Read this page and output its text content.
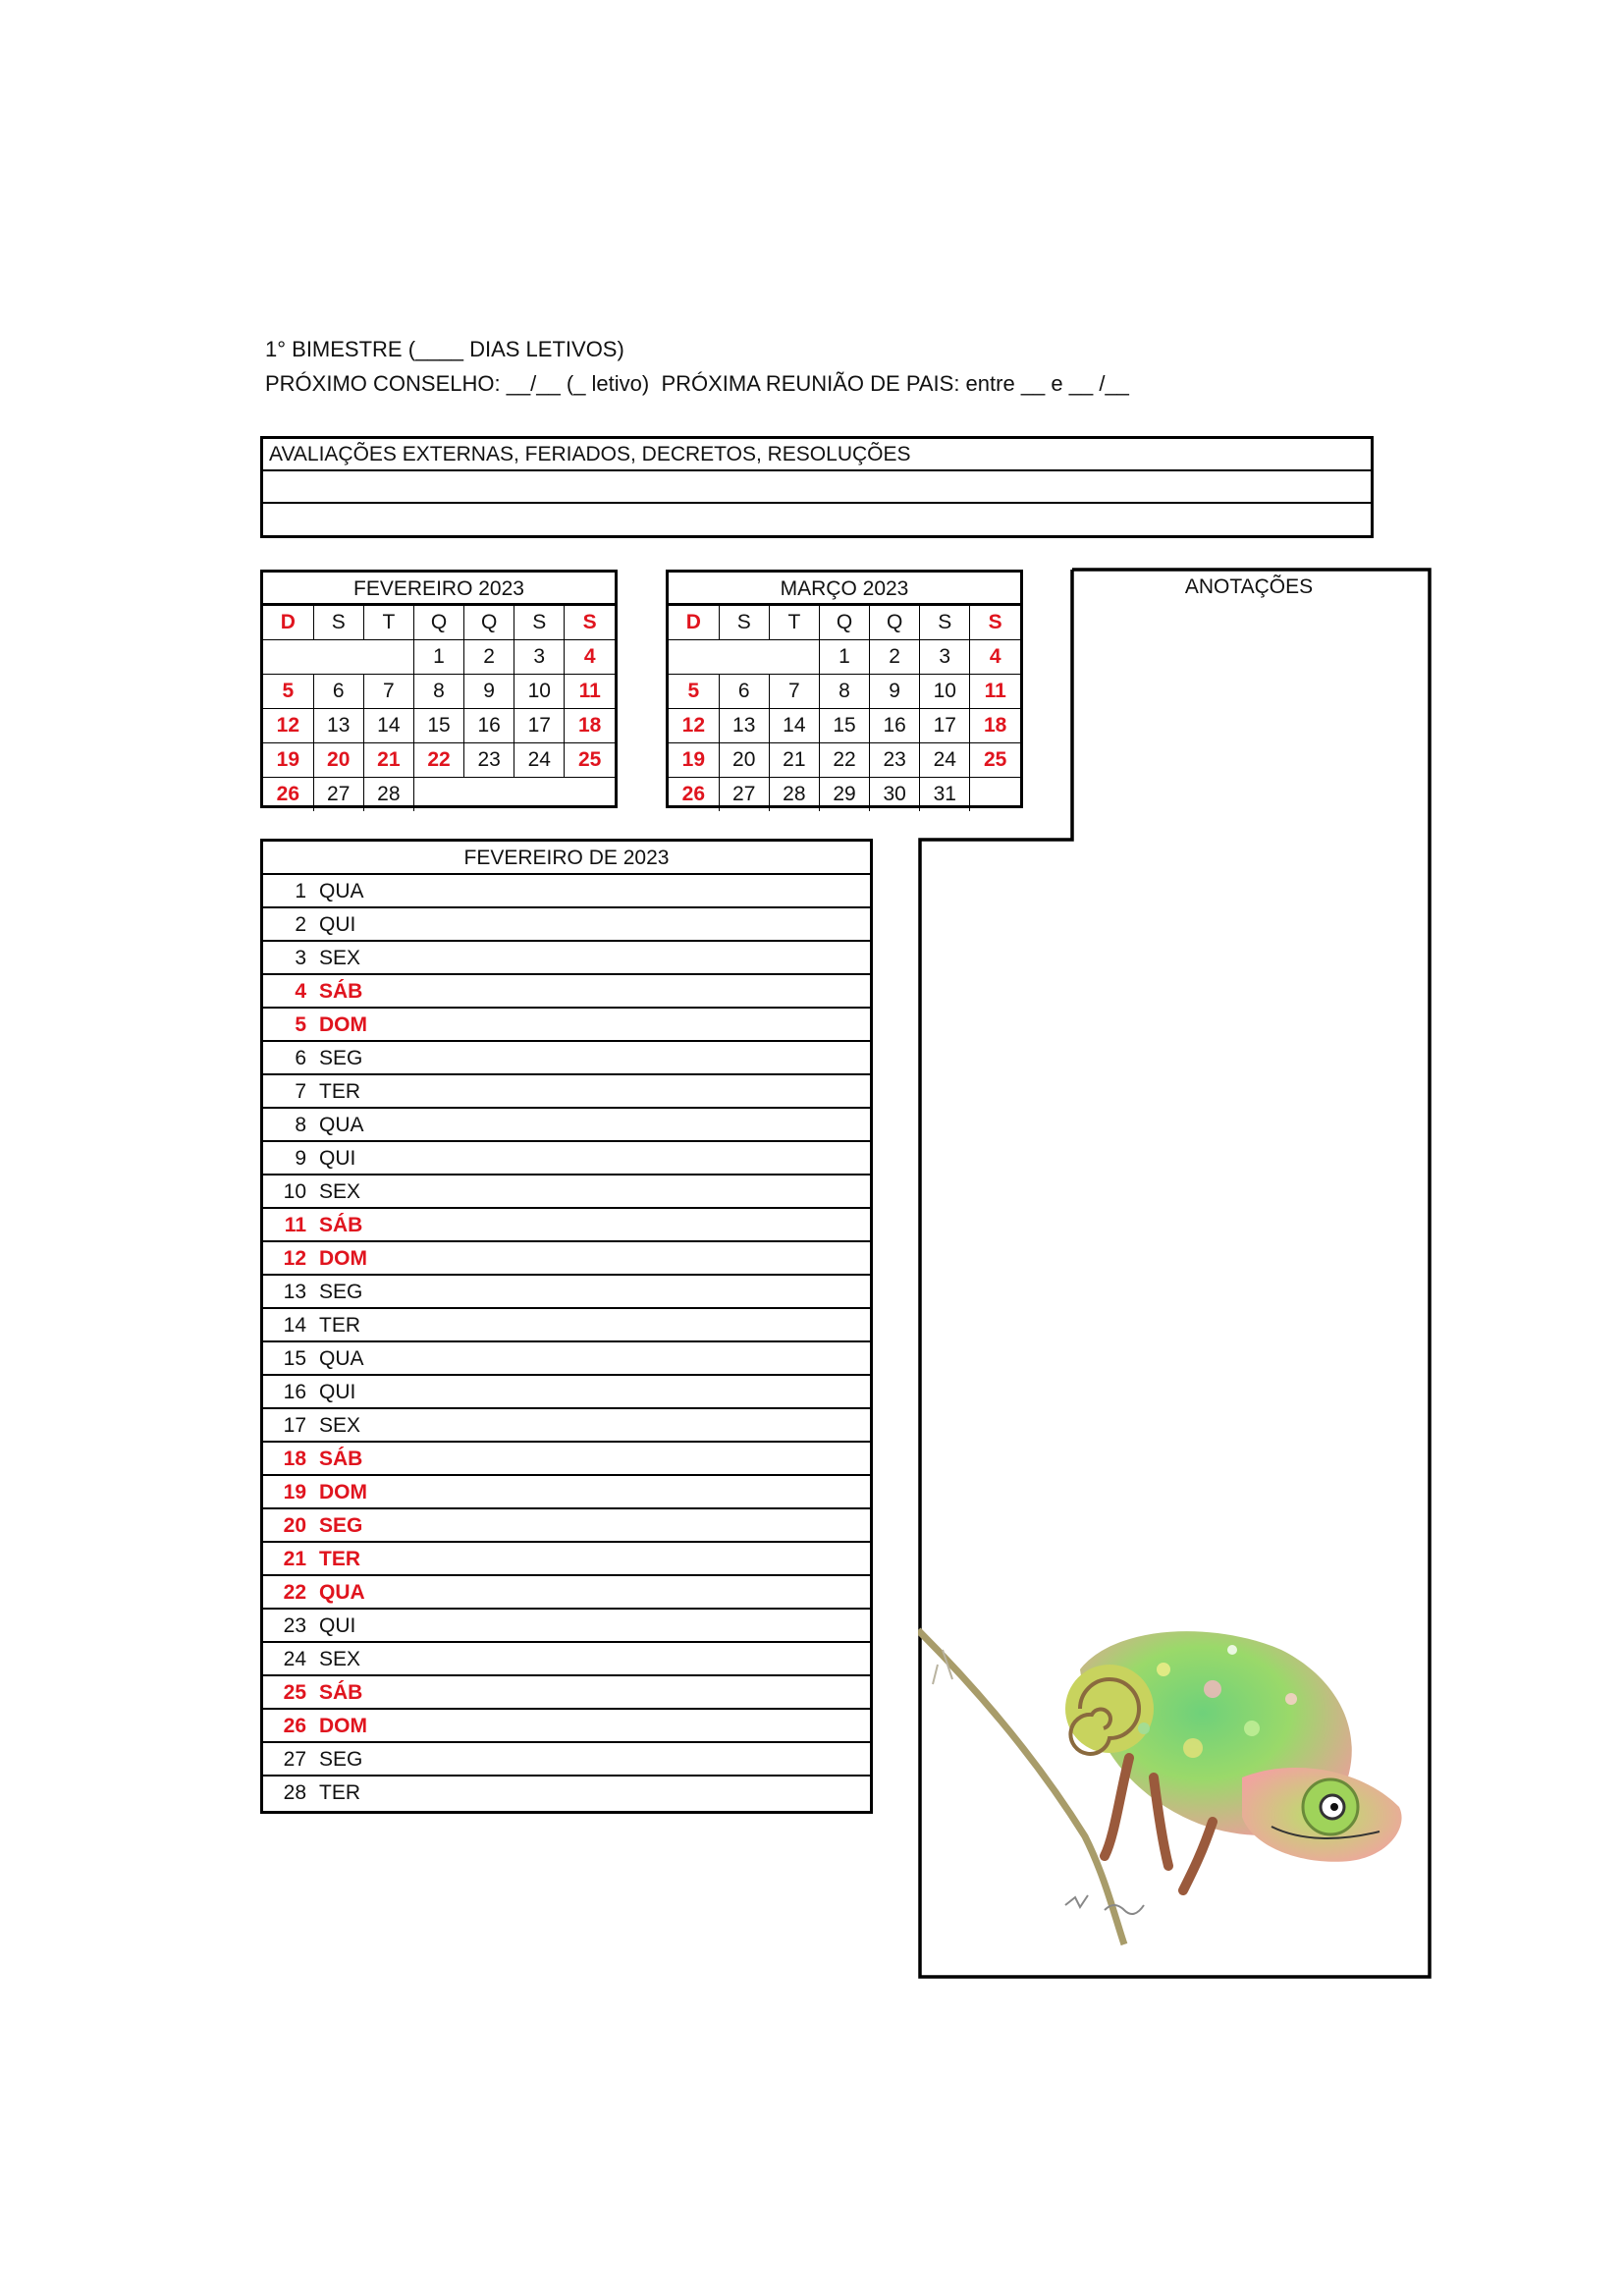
1° BIMESTRE (____ DIAS LETIVOS)
PRÓXIMO CONSELHO: __/__ (_ letivo)  PRÓXIMA REUNIÃO DE PAIS: entre __ e __ /__
AVALIAÇÕES EXTERNAS, FERIADOS, DECRETOS, RESOLUÇÕES
FEVEREIRO 2023
D	S	T	Q	Q	S	S
			1	2	3	4
5	6	7	8	9	10	11
12	13	14	15	16	17	18
19	20	21	22	23	24	25
26	27	28				
MARÇO 2023
D	S	T	Q	Q	S	S
			1	2	3	4
5	6	7	8	9	10	11
12	13	14	15	16	17	18
19	20	21	22	23	24	25
26	27	28	29	30	31	
ANOTAÇÕES
FEVEREIRO DE 2023
1 QUA
2 QUI
3 SEX
4 SÁB
5 DOM
6 SEG
7 TER
8 QUA
9 QUI
10 SEX
11 SÁB
12 DOM
13 SEG
14 TER
15 QUA
16 QUI
17 SEX
18 SÁB
19 DOM
20 SEG
21 TER
22 QUA
23 QUI
24 SEX
25 SÁB
26 DOM
27 SEG
28 TER
